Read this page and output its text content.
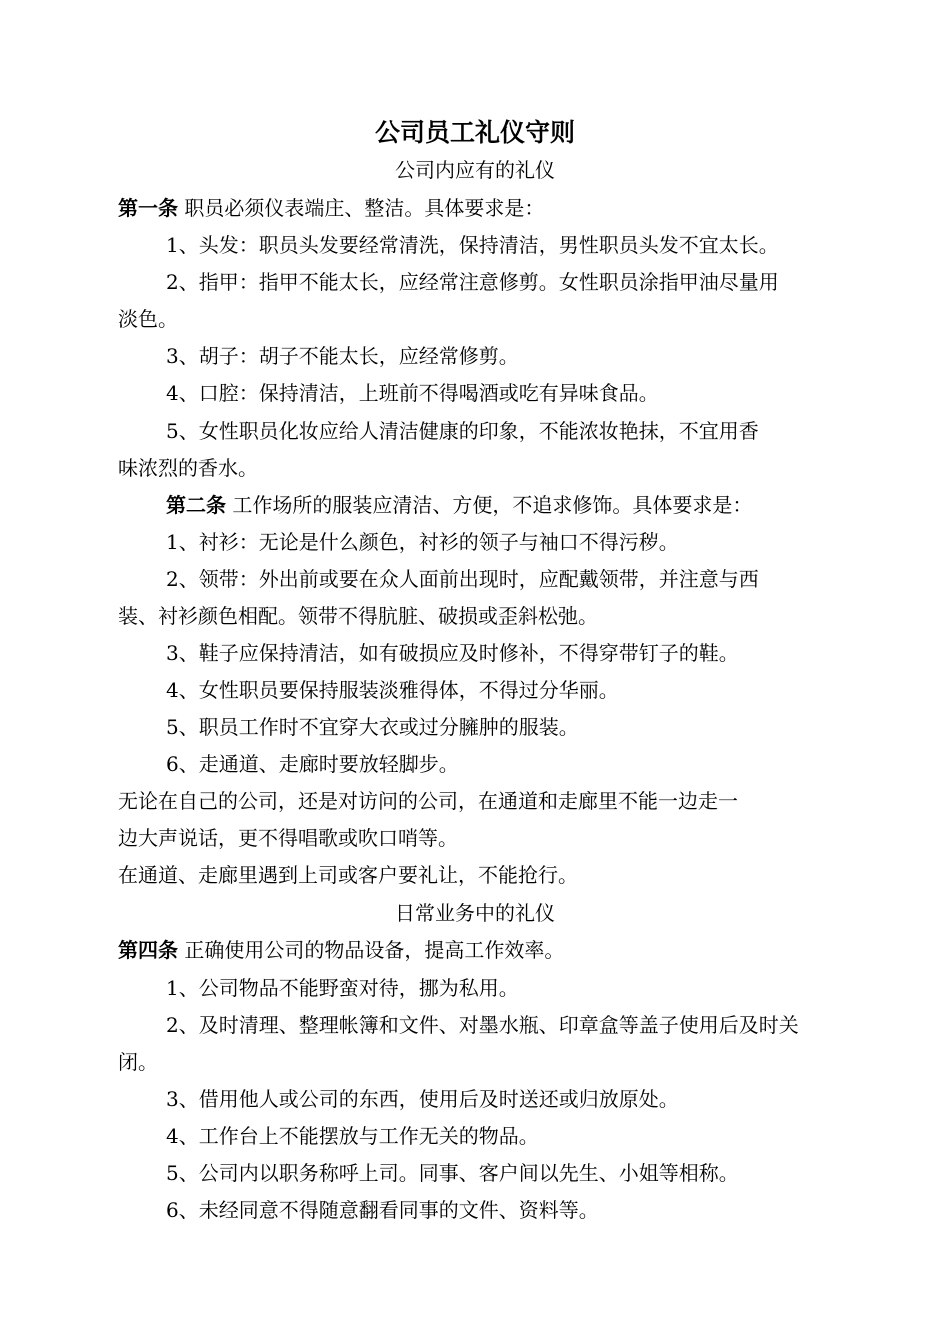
公司员工礼仪守则
公司内应有的礼仪
第一条 职员必须仪表端庄、整洁。具体要求是：
1、头发：职员头发要经常清洗，保持清洁，男性职员头发不宜太长。
2、指甲：指甲不能太长，应经常注意修剪。女性职员涂指甲油尽量用
淡色。
3、胡子：胡子不能太长，应经常修剪。
4、口腔：保持清洁，上班前不得喝酒或吃有异味食品。
5、女性职员化妆应给人清洁健康的印象，不能浓妆艳抹，不宜用香
味浓烈的香水。
第二条 工作场所的服装应清洁、方便，不追求修饰。具体要求是：
1、衬衫：无论是什么颜色，衬衫的领子与袖口不得污秽。
2、领带：外出前或要在众人面前出现时，应配戴领带，并注意与西
装、衬衫颜色相配。领带不得肮脏、破损或歪斜松弛。
3、鞋子应保持清洁，如有破损应及时修补，不得穿带钉子的鞋。
4、女性职员要保持服装淡雅得体，不得过分华丽。
5、职员工作时不宜穿大衣或过分臃肿的服装。
6、走通道、走廊时要放轻脚步。
无论在自己的公司，还是对访问的公司，在通道和走廊里不能一边走一
边大声说话，更不得唱歌或吹口哨等。
在通道、走廊里遇到上司或客户要礼让，不能抢行。
日常业务中的礼仪
第四条 正确使用公司的物品设备，提高工作效率。
1、公司物品不能野蛮对待，挪为私用。
2、及时清理、整理帐簿和文件、对墨水瓶、印章盒等盖子使用后及时关
闭。
3、借用他人或公司的东西，使用后及时送还或归放原处。
4、工作台上不能摆放与工作无关的物品。
5、公司内以职务称呼上司。同事、客户间以先生、小姐等相称。
6、未经同意不得随意翻看同事的文件、资料等。
